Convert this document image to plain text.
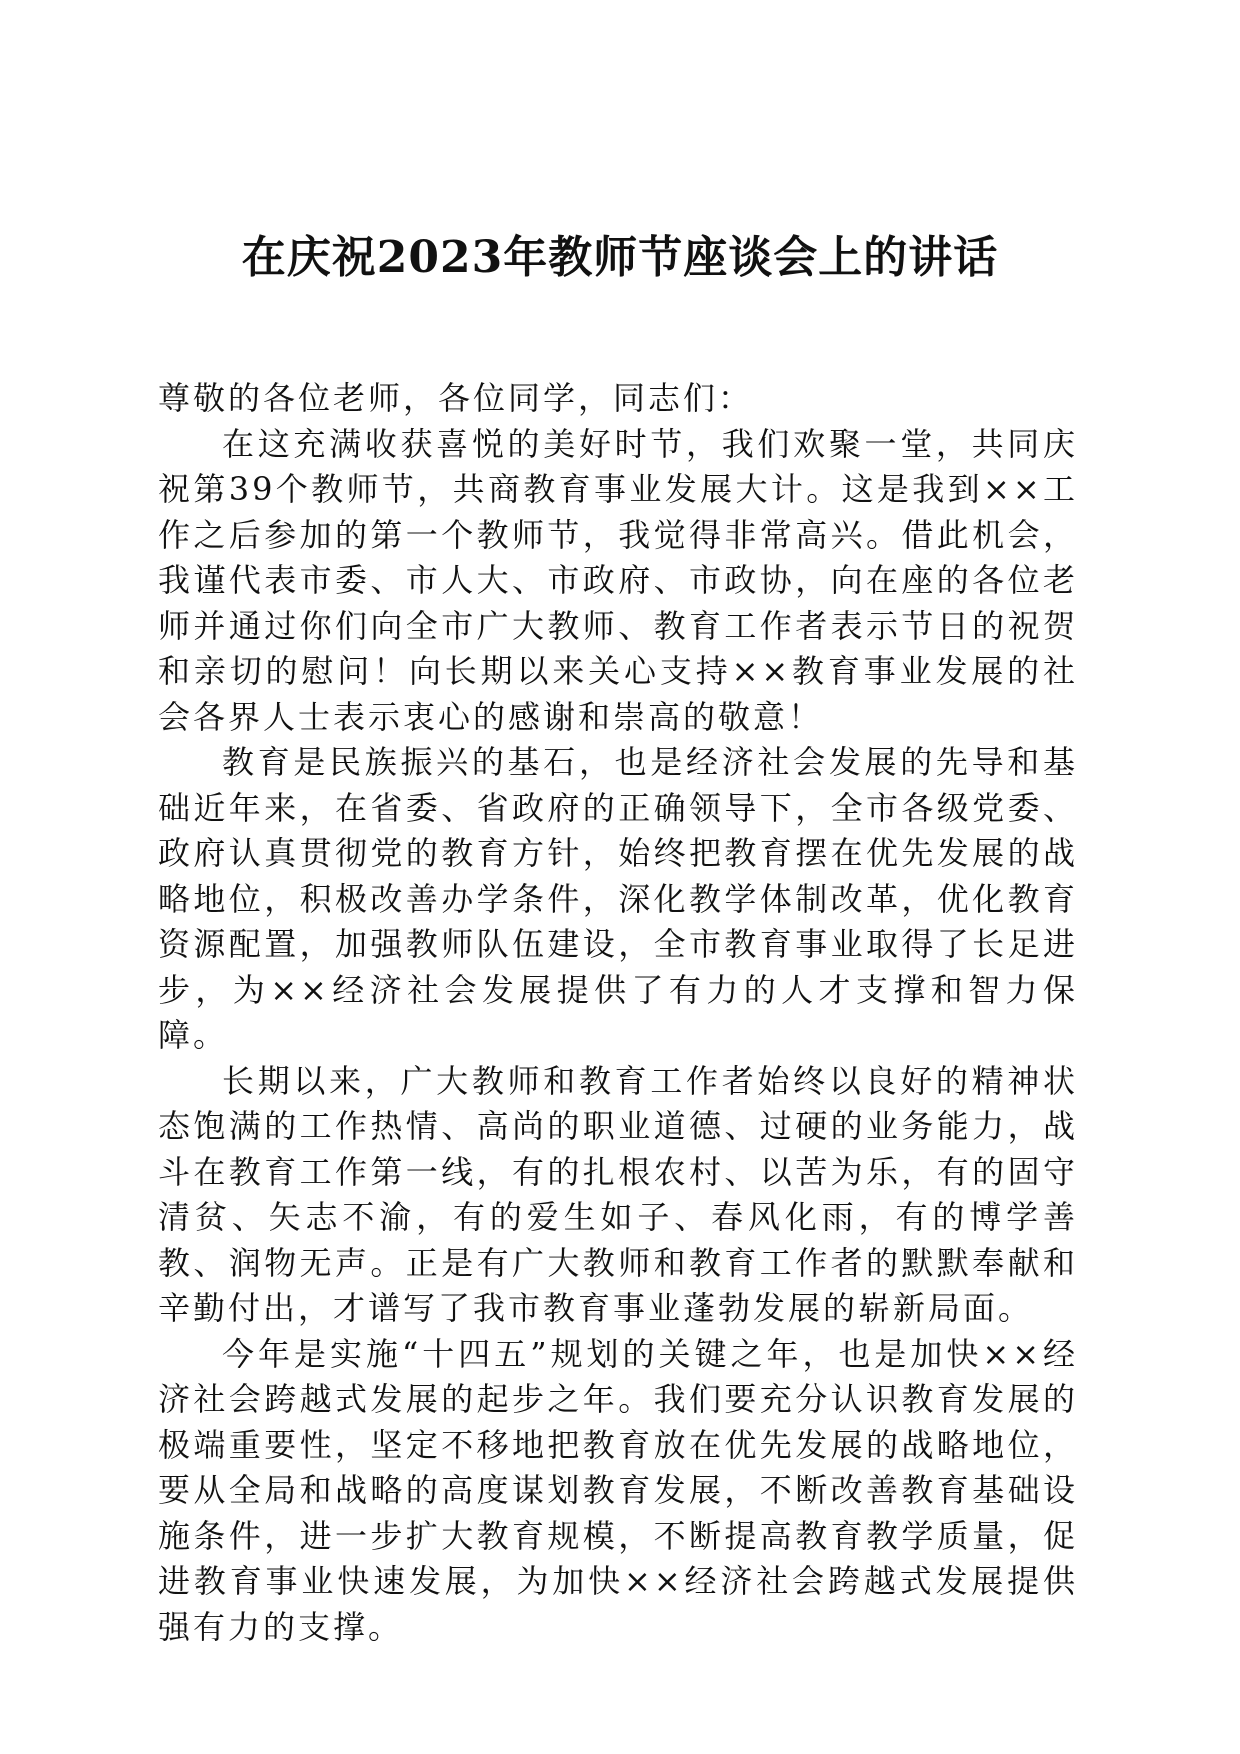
在庆祝2023年教师节座谈会上的讲话

尊敬的各位老师，各位同学，同志们：

在这充满收获喜悦的美好时节，我们欢聚一堂，共同庆祝第39个教师节，共商教育事业发展大计。这是我到××工作之后参加的第一个教师节，我觉得非常高兴。借此机会，我谨代表市委、市人大、市政府、市政协，向在座的各位老师并通过你们向全市广大教师、教育工作者表示节日的祝贺和亲切的慰问！向长期以来关心支持××教育事业发展的社会各界人士表示衷心的感谢和崇高的敬意！

教育是民族振兴的基石，也是经济社会发展的先导和基础近年来，在省委、省政府的正确领导下，全市各级党委、政府认真贯彻党的教育方针，始终把教育摆在优先发展的战略地位，积极改善办学条件，深化教学体制改革，优化教育资源配置，加强教师队伍建设，全市教育事业取得了长足进步，为××经济社会发展提供了有力的人才支撑和智力保障。

长期以来，广大教师和教育工作者始终以良好的精神状态饱满的工作热情、高尚的职业道德、过硬的业务能力，战斗在教育工作第一线，有的扎根农村、以苦为乐，有的固守清贫、矢志不渝，有的爱生如子、春风化雨，有的博学善教、润物无声。正是有广大教师和教育工作者的默默奉献和辛勤付出，才谱写了我市教育事业蓬勃发展的崭新局面。

今年是实施“十四五”规划的关键之年，也是加快××经济社会跨越式发展的起步之年。我们要充分认识教育发展的极端重要性，坚定不移地把教育放在优先发展的战略地位，要从全局和战略的高度谋划教育发展，不断改善教育基础设施条件，进一步扩大教育规模，不断提高教育教学质量，促进教育事业快速发展，为加快××经济社会跨越式发展提供强有力的支撑。
